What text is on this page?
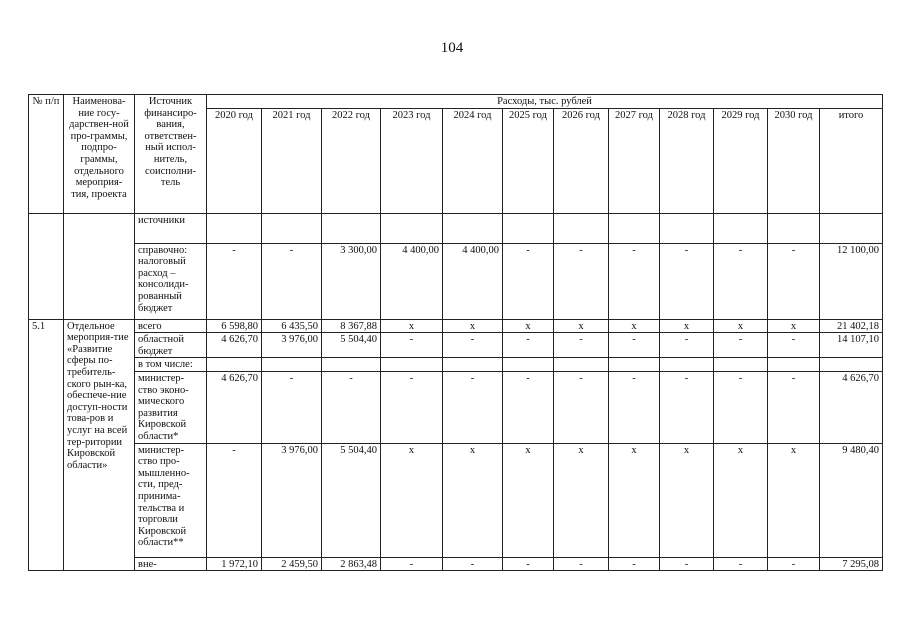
104
№ п/п	Наименова-ние госу-дарствен-ной про-граммы, подпро-граммы, отдельного мероприя-тия, проекта	Источник финансиро-вания, ответствен-ный испол-нитель, соисполни-тель	Расходы, тыс. рублей											
			2020 год	2021 год	2022 год	2023 год	2024 год	2025 год	2026 год	2027 год	2028 год	2029 год	2030 год	итого
		источники												
		справочно: налоговый расход – консолиди-рованный бюджет	-	-	3 300,00	4 400,00	4 400,00	-	-	-	-	-	-	12 100,00
5.1	Отдельное мероприя-тие «Развитие сферы по-требитель-ского рын-ка, обеспече-ние доступ-ности това-ров и услуг на всей тер-ритории Кировской области»	всего	6 598,80	6 435,50	8 367,88	x	x	x	x	x	x	x	x	21 402,18
		областной бюджет	4 626,70	3 976,00	5 504,40	-	-	-	-	-	-	-	-	14 107,10
		в том числе:												
		министер-ство эконо-мического развития Кировской области*	4 626,70	-	-	-	-	-	-	-	-	-	-	4 626,70
		министер-ство про-мышленно-сти, пред-принима-тельства и торговли Кировской области**	-	3 976,00	5 504,40	x	x	x	x	x	x	x	x	9 480,40
		вне-	1 972,10	2 459,50	2 863,48	-	-	-	-	-	-	-	-	7 295,08
